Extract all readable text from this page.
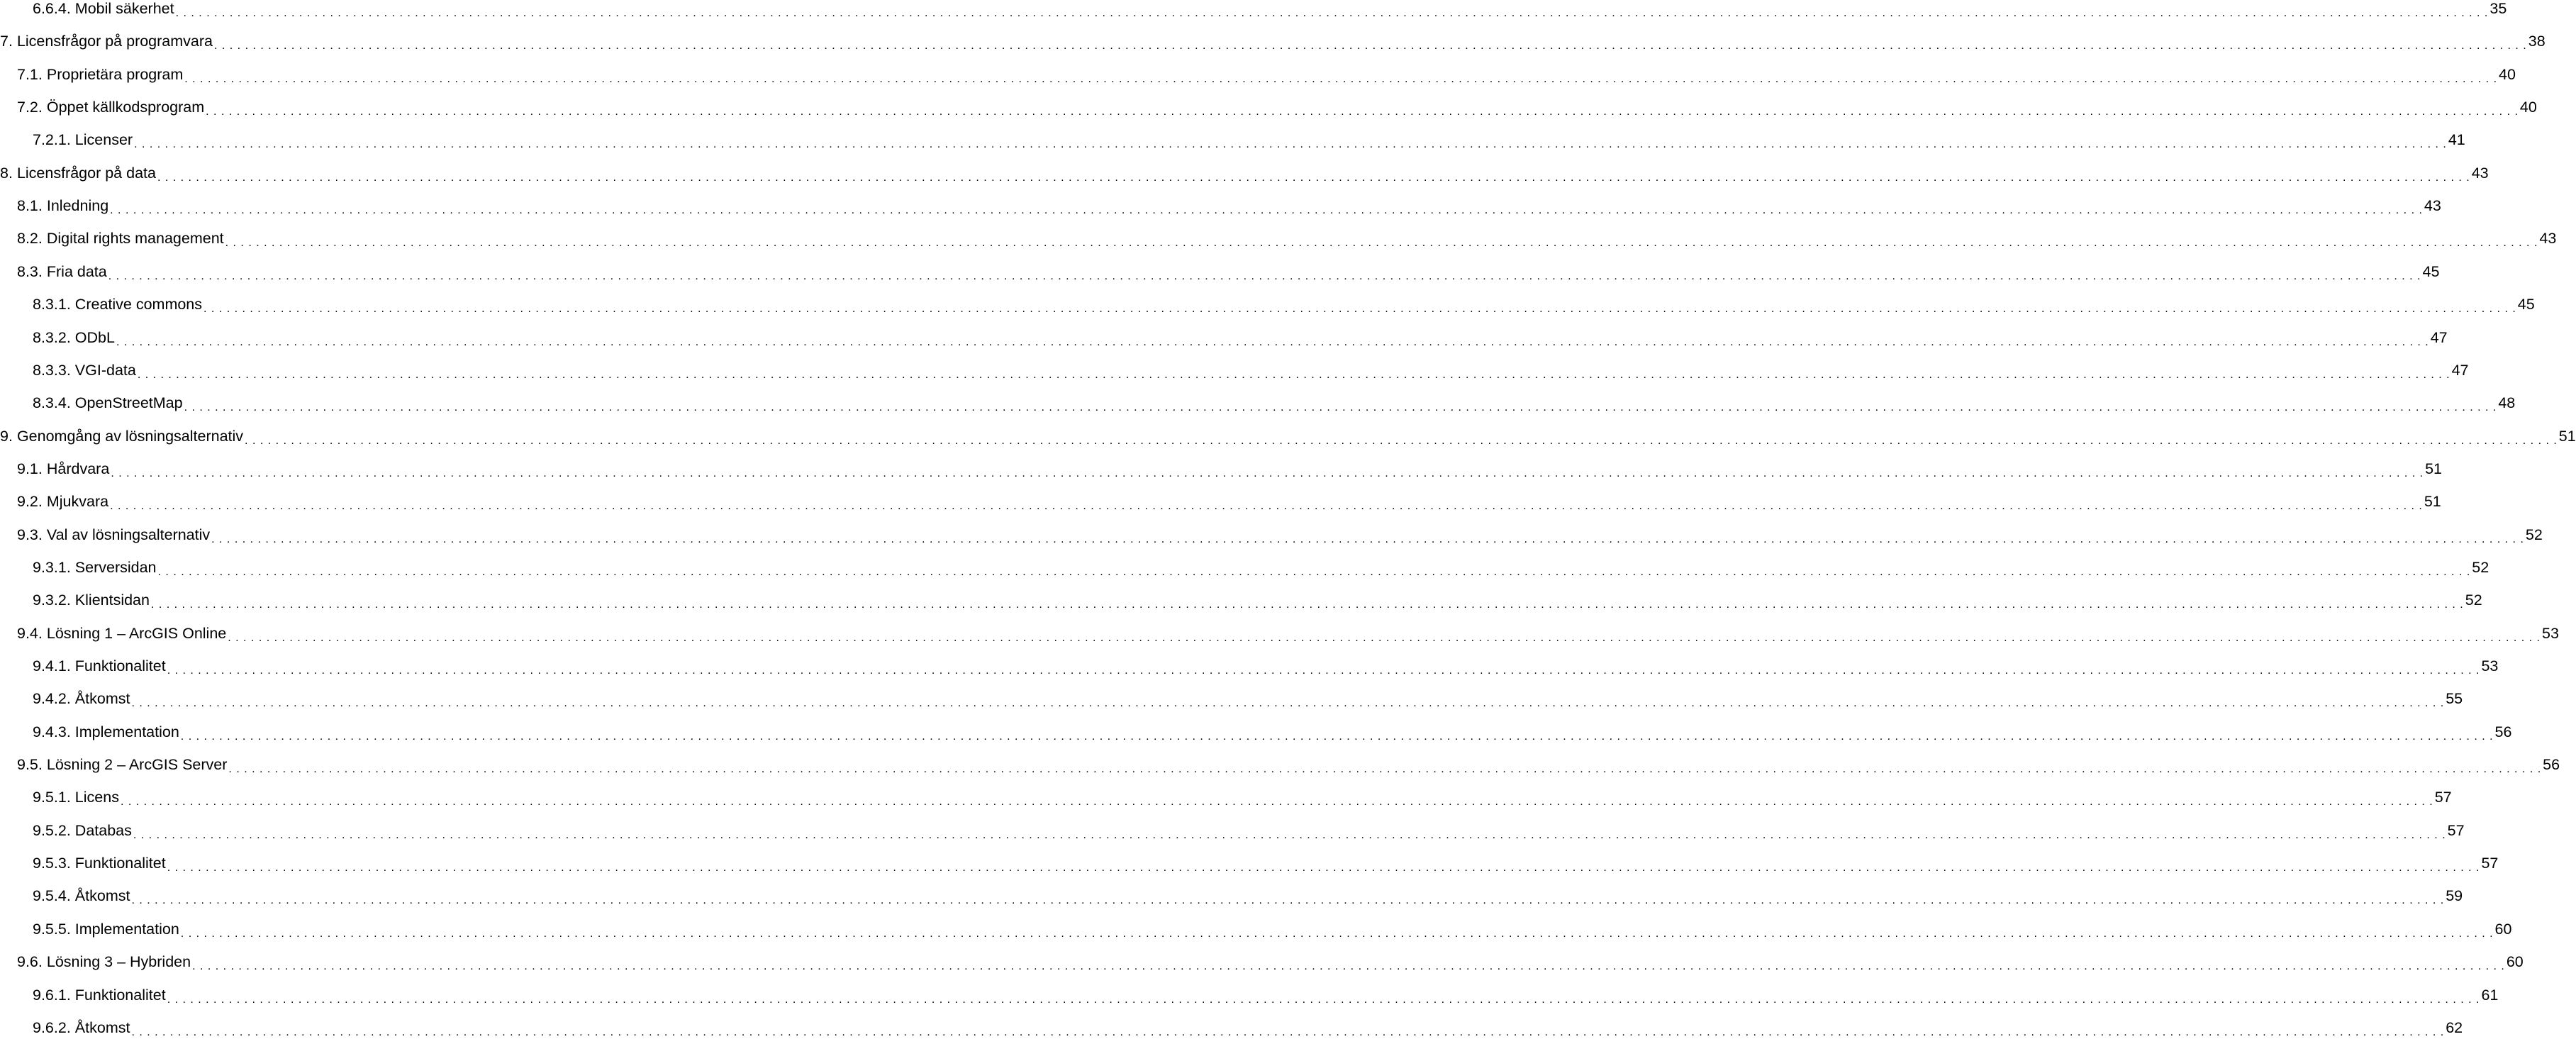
6.6.4. Mobil säkerhet . . . . . . . . . . . . . . . . . . . . . . . . . . . . . . . . . . . . . . . . . . . . . . . . . . . . . . . . . . . . . . . . . . . . . . . . . . . . . . . . . . . . . . . . . . . . . . . . . . . . . . . . . . . . . . . . . . . . . . . . . . . . . . . . . . . . . . . . . . . . . . . . . . . . . . . . . . . . . . . . . . . . . . . . . . . . . . . . . . . . . . . . . . . . . . . . . . . . . . . . . . . . . . . . . . . . . . . . . . . . . . . . . . . . . . . . . . . . . . . . . . . . . . . . . . . . . . . . . . . . . . . . . . . . . . . . . . . . . . . . . . . . . . . . . . . . . . . . . . . . 35
7. Licensfrågor på programvara . . . . . . . . . . . . . . . . . . . . . . . . . . . . . . . . . . . . . . . . . . . . . . . . . . . . . . . . . . . . . . . . . . . . . . . . . . . . . . . . . . . . . . . . . . . . . . . . . . . . . . . . . . . . . . . . . . . . . . . . . . . . . . . . . . . . . . . . . . . . . . . . . . . . . . . . . . . . . . . . . . . . . . . . . . . . . . . . . . . . . . . . . . . . . . . . . . . . . . . . . . . . . . . . . . . . . . . . . . . . . . . . . . . . . . . . . . . . . . . . . . . . . . . . . . . . . . . . . . . . . . . . . . . . . . . . . . . . . . . . . . . . . . . . . . . . . . . . . . . . 38
7.1. Proprietära program . . . . . . . . . . . . . . . . . . . . . . . . . . . . . . . . . . . . . . . . . . . . . . . . . . . . . . . . . . . . . . . . . . . . . . . . . . . . . . . . . . . . . . . . . . . . . . . . . . . . . . . . . . . . . . . . . . . . . . . . . . . . . . . . . . . . . . . . . . . . . . . . . . . . . . . . . . . . . . . . . . . . . . . . . . . . . . . . . . . . . . . . . . . . . . . . . . . . . . . . . . . . . . . . . . . . . . . . . . . . . . . . . . . . . . . . . . . . . . . . . . . . . . . . . . . . . . . . . . . . . . . . . . . . . . . . . . . . . . . . . . . . . . . . . . . . . . . . . . . . 40
7.2. Öppet källkodsprogram . . . . . . . . . . . . . . . . . . . . . . . . . . . . . . . . . . . . . . . . . . . . . . . . . . . . . . . . . . . . . . . . . . . . . . . . . . . . . . . . . . . . . . . . . . . . . . . . . . . . . . . . . . . . . . . . . . . . . . . . . . . . . . . . . . . . . . . . . . . . . . . . . . . . . . . . . . . . . . . . . . . . . . . . . . . . . . . . . . . . . . . . . . . . . . . . . . . . . . . . . . . . . . . . . . . . . . . . . . . . . . . . . . . . . . . . . . . . . . . . . . . . . . . . . . . . . . . . . . . . . . . . . . . . . . . . . . . . . . . . . . . . . . . . . . . . . . . . . . . . 40
7.2.1. Licenser . . . . . . . . . . . . . . . . . . . . . . . . . . . . . . . . . . . . . . . . . . . . . . . . . . . . . . . . . . . . . . . . . . . . . . . . . . . . . . . . . . . . . . . . . . . . . . . . . . . . . . . . . . . . . . . . . . . . . . . . . . . . . . . . . . . . . . . . . . . . . . . . . . . . . . . . . . . . . . . . . . . . . . . . . . . . . . . . . . . . . . . . . . . . . . . . . . . . . . . . . . . . . . . . . . . . . . . . . . . . . . . . . . . . . . . . . . . . . . . . . . . . . . . . . . . . . . . . . . . . . . . . . . . . . . . . . . . . . . . . . . . . . . . . . . . . . . . . . . . . 41
8. Licensfrågor på data . . . . . . . . . . . . . . . . . . . . . . . . . . . . . . . . . . . . . . . . . . . . . . . . . . . . . . . . . . . . . . . . . . . . . . . . . . . . . . . . . . . . . . . . . . . . . . . . . . . . . . . . . . . . . . . . . . . . . . . . . . . . . . . . . . . . . . . . . . . . . . . . . . . . . . . . . . . . . . . . . . . . . . . . . . . . . . . . . . . . . . . . . . . . . . . . . . . . . . . . . . . . . . . . . . . . . . . . . . . . . . . . . . . . . . . . . . . . . . . . . . . . . . . . . . . . . . . . . . . . . . . . . . . . . . . . . . . . . . . . . . . . . . . . . . . . . . . . . . . . 43
8.1. Inledning . . . . . . . . . . . . . . . . . . . . . . . . . . . . . . . . . . . . . . . . . . . . . . . . . . . . . . . . . . . . . . . . . . . . . . . . . . . . . . . . . . . . . . . . . . . . . . . . . . . . . . . . . . . . . . . . . . . . . . . . . . . . . . . . . . . . . . . . . . . . . . . . . . . . . . . . . . . . . . . . . . . . . . . . . . . . . . . . . . . . . . . . . . . . . . . . . . . . . . . . . . . . . . . . . . . . . . . . . . . . . . . . . . . . . . . . . . . . . . . . . . . . . . . . . . . . . . . . . . . . . . . . . . . . . . . . . . . . . . . . . . . . . . . . . . . . . . . . . . . . 43
8.2. Digital rights management . . . . . . . . . . . . . . . . . . . . . . . . . . . . . . . . . . . . . . . . . . . . . . . . . . . . . . . . . . . . . . . . . . . . . . . . . . . . . . . . . . . . . . . . . . . . . . . . . . . . . . . . . . . . . . . . . . . . . . . . . . . . . . . . . . . . . . . . . . . . . . . . . . . . . . . . . . . . . . . . . . . . . . . . . . . . . . . . . . . . . . . . . . . . . . . . . . . . . . . . . . . . . . . . . . . . . . . . . . . . . . . . . . . . . . . . . . . . . . . . . . . . . . . . . . . . . . . . . . . . . . . . . . . . . . . . . . . . . . . . . . . . . . . . . . . . . . . . . . . . 43
8.3. Fria data . . . . . . . . . . . . . . . . . . . . . . . . . . . . . . . . . . . . . . . . . . . . . . . . . . . . . . . . . . . . . . . . . . . . . . . . . . . . . . . . . . . . . . . . . . . . . . . . . . . . . . . . . . . . . . . . . . . . . . . . . . . . . . . . . . . . . . . . . . . . . . . . . . . . . . . . . . . . . . . . . . . . . . . . . . . . . . . . . . . . . . . . . . . . . . . . . . . . . . . . . . . . . . . . . . . . . . . . . . . . . . . . . . . . . . . . . . . . . . . . . . . . . . . . . . . . . . . . . . . . . . . . . . . . . . . . . . . . . . . . . . . . . . . . . . . . . . . . . . . . 45
8.3.1. Creative commons . . . . . . . . . . . . . . . . . . . . . . . . . . . . . . . . . . . . . . . . . . . . . . . . . . . . . . . . . . . . . . . . . . . . . . . . . . . . . . . . . . . . . . . . . . . . . . . . . . . . . . . . . . . . . . . . . . . . . . . . . . . . . . . . . . . . . . . . . . . . . . . . . . . . . . . . . . . . . . . . . . . . . . . . . . . . . . . . . . . . . . . . . . . . . . . . . . . . . . . . . . . . . . . . . . . . . . . . . . . . . . . . . . . . . . . . . . . . . . . . . . . . . . . . . . . . . . . . . . . . . . . . . . . . . . . . . . . . . . . . . . . . . . . . . . . . . . . . . . . . 45
8.3.2. ODbL . . . . . . . . . . . . . . . . . . . . . . . . . . . . . . . . . . . . . . . . . . . . . . . . . . . . . . . . . . . . . . . . . . . . . . . . . . . . . . . . . . . . . . . . . . . . . . . . . . . . . . . . . . . . . . . . . . . . . . . . . . . . . . . . . . . . . . . . . . . . . . . . . . . . . . . . . . . . . . . . . . . . . . . . . . . . . . . . . . . . . . . . . . . . . . . . . . . . . . . . . . . . . . . . . . . . . . . . . . . . . . . . . . . . . . . . . . . . . . . . . . . . . . . . . . . . . . . . . . . . . . . . . . . . . . . . . . . . . . . . . . . . . . . . . . . . . . . . . . . . 47
8.3.3. VGI-data . . . . . . . . . . . . . . . . . . . . . . . . . . . . . . . . . . . . . . . . . . . . . . . . . . . . . . . . . . . . . . . . . . . . . . . . . . . . . . . . . . . . . . . . . . . . . . . . . . . . . . . . . . . . . . . . . . . . . . . . . . . . . . . . . . . . . . . . . . . . . . . . . . . . . . . . . . . . . . . . . . . . . . . . . . . . . . . . . . . . . . . . . . . . . . . . . . . . . . . . . . . . . . . . . . . . . . . . . . . . . . . . . . . . . . . . . . . . . . . . . . . . . . . . . . . . . . . . . . . . . . . . . . . . . . . . . . . . . . . . . . . . . . . . . . . . . . . . . . . . 47
8.3.4. OpenStreetMap . . . . . . . . . . . . . . . . . . . . . . . . . . . . . . . . . . . . . . . . . . . . . . . . . . . . . . . . . . . . . . . . . . . . . . . . . . . . . . . . . . . . . . . . . . . . . . . . . . . . . . . . . . . . . . . . . . . . . . . . . . . . . . . . . . . . . . . . . . . . . . . . . . . . . . . . . . . . . . . . . . . . . . . . . . . . . . . . . . . . . . . . . . . . . . . . . . . . . . . . . . . . . . . . . . . . . . . . . . . . . . . . . . . . . . . . . . . . . . . . . . . . . . . . . . . . . . . . . . . . . . . . . . . . . . . . . . . . . . . . . . . . . . . . . . . . . . . . . . . . 48
9. Genomgång av lösningsalternativ . . . . . . . . . . . . . . . . . . . . . . . . . . . . . . . . . . . . . . . . . . . . . . . . . . . . . . . . . . . . . . . . . . . . . . . . . . . . . . . . . . . . . . . . . . . . . . . . . . . . . . . . . . . . . . . . . . . . . . . . . . . . . . . . . . . . . . . . . . . . . . . . . . . . . . . . . . . . . . . . . . . . . . . . . . . . . . . . . . . . . . . . . . . . . . . . . . . . . . . . . . . . . . . . . . . . . . . . . . . . . . . . . . . . . . . . . . . . . . . . . . . . . . . . . . . . . . . . . . . . . . . . . . . . . . . . . . . . . . . . . . . . . . . . . . . . . . . . . . . . 51
9.1. Hårdvara . . . . . . . . . . . . . . . . . . . . . . . . . . . . . . . . . . . . . . . . . . . . . . . . . . . . . . . . . . . . . . . . . . . . . . . . . . . . . . . . . . . . . . . . . . . . . . . . . . . . . . . . . . . . . . . . . . . . . . . . . . . . . . . . . . . . . . . . . . . . . . . . . . . . . . . . . . . . . . . . . . . . . . . . . . . . . . . . . . . . . . . . . . . . . . . . . . . . . . . . . . . . . . . . . . . . . . . . . . . . . . . . . . . . . . . . . . . . . . . . . . . . . . . . . . . . . . . . . . . . . . . . . . . . . . . . . . . . . . . . . . . . . . . . . . . . . . . . . . . . 51
9.2. Mjukvara . . . . . . . . . . . . . . . . . . . . . . . . . . . . . . . . . . . . . . . . . . . . . . . . . . . . . . . . . . . . . . . . . . . . . . . . . . . . . . . . . . . . . . . . . . . . . . . . . . . . . . . . . . . . . . . . . . . . . . . . . . . . . . . . . . . . . . . . . . . . . . . . . . . . . . . . . . . . . . . . . . . . . . . . . . . . . . . . . . . . . . . . . . . . . . . . . . . . . . . . . . . . . . . . . . . . . . . . . . . . . . . . . . . . . . . . . . . . . . . . . . . . . . . . . . . . . . . . . . . . . . . . . . . . . . . . . . . . . . . . . . . . . . . . . . . . . . . . . . . . 51
9.3. Val av lösningsalternativ . . . . . . . . . . . . . . . . . . . . . . . . . . . . . . . . . . . . . . . . . . . . . . . . . . . . . . . . . . . . . . . . . . . . . . . . . . . . . . . . . . . . . . . . . . . . . . . . . . . . . . . . . . . . . . . . . . . . . . . . . . . . . . . . . . . . . . . . . . . . . . . . . . . . . . . . . . . . . . . . . . . . . . . . . . . . . . . . . . . . . . . . . . . . . . . . . . . . . . . . . . . . . . . . . . . . . . . . . . . . . . . . . . . . . . . . . . . . . . . . . . . . . . . . . . . . . . . . . . . . . . . . . . . . . . . . . . . . . . . . . . . . . . . . . . . . . . . . . . . . 52
9.3.1. Serversidan . . . . . . . . . . . . . . . . . . . . . . . . . . . . . . . . . . . . . . . . . . . . . . . . . . . . . . . . . . . . . . . . . . . . . . . . . . . . . . . . . . . . . . . . . . . . . . . . . . . . . . . . . . . . . . . . . . . . . . . . . . . . . . . . . . . . . . . . . . . . . . . . . . . . . . . . . . . . . . . . . . . . . . . . . . . . . . . . . . . . . . . . . . . . . . . . . . . . . . . . . . . . . . . . . . . . . . . . . . . . . . . . . . . . . . . . . . . . . . . . . . . . . . . . . . . . . . . . . . . . . . . . . . . . . . . . . . . . . . . . . . . . . . . . . . . . . . . . . . . . 52
9.3.2. Klientsidan . . . . . . . . . . . . . . . . . . . . . . . . . . . . . . . . . . . . . . . . . . . . . . . . . . . . . . . . . . . . . . . . . . . . . . . . . . . . . . . . . . . . . . . . . . . . . . . . . . . . . . . . . . . . . . . . . . . . . . . . . . . . . . . . . . . . . . . . . . . . . . . . . . . . . . . . . . . . . . . . . . . . . . . . . . . . . . . . . . . . . . . . . . . . . . . . . . . . . . . . . . . . . . . . . . . . . . . . . . . . . . . . . . . . . . . . . . . . . . . . . . . . . . . . . . . . . . . . . . . . . . . . . . . . . . . . . . . . . . . . . . . . . . . . . . . . . . . . . . . . 52
9.4. Lösning 1 – ArcGIS Online . . . . . . . . . . . . . . . . . . . . . . . . . . . . . . . . . . . . . . . . . . . . . . . . . . . . . . . . . . . . . . . . . . . . . . . . . . . . . . . . . . . . . . . . . . . . . . . . . . . . . . . . . . . . . . . . . . . . . . . . . . . . . . . . . . . . . . . . . . . . . . . . . . . . . . . . . . . . . . . . . . . . . . . . . . . . . . . . . . . . . . . . . . . . . . . . . . . . . . . . . . . . . . . . . . . . . . . . . . . . . . . . . . . . . . . . . . . . . . . . . . . . . . . . . . . . . . . . . . . . . . . . . . . . . . . . . . . . . . . . . . . . . . . . . . . . . . . . . . . . 53
9.4.1. Funktionalitet . . . . . . . . . . . . . . . . . . . . . . . . . . . . . . . . . . . . . . . . . . . . . . . . . . . . . . . . . . . . . . . . . . . . . . . . . . . . . . . . . . . . . . . . . . . . . . . . . . . . . . . . . . . . . . . . . . . . . . . . . . . . . . . . . . . . . . . . . . . . . . . . . . . . . . . . . . . . . . . . . . . . . . . . . . . . . . . . . . . . . . . . . . . . . . . . . . . . . . . . . . . . . . . . . . . . . . . . . . . . . . . . . . . . . . . . . . . . . . . . . . . . . . . . . . . . . . . . . . . . . . . . . . . . . . . . . . . . . . . . . . . . . . . . . . . . . . . . . . . . 53
9.4.2. Åtkomst . . . . . . . . . . . . . . . . . . . . . . . . . . . . . . . . . . . . . . . . . . . . . . . . . . . . . . . . . . . . . . . . . . . . . . . . . . . . . . . . . . . . . . . . . . . . . . . . . . . . . . . . . . . . . . . . . . . . . . . . . . . . . . . . . . . . . . . . . . . . . . . . . . . . . . . . . . . . . . . . . . . . . . . . . . . . . . . . . . . . . . . . . . . . . . . . . . . . . . . . . . . . . . . . . . . . . . . . . . . . . . . . . . . . . . . . . . . . . . . . . . . . . . . . . . . . . . . . . . . . . . . . . . . . . . . . . . . . . . . . . . . . . . . . . . . . . . . . . . . . 55
9.4.3. Implementation . . . . . . . . . . . . . . . . . . . . . . . . . . . . . . . . . . . . . . . . . . . . . . . . . . . . . . . . . . . . . . . . . . . . . . . . . . . . . . . . . . . . . . . . . . . . . . . . . . . . . . . . . . . . . . . . . . . . . . . . . . . . . . . . . . . . . . . . . . . . . . . . . . . . . . . . . . . . . . . . . . . . . . . . . . . . . . . . . . . . . . . . . . . . . . . . . . . . . . . . . . . . . . . . . . . . . . . . . . . . . . . . . . . . . . . . . . . . . . . . . . . . . . . . . . . . . . . . . . . . . . . . . . . . . . . . . . . . . . . . . . . . . . . . . . . . . . . . . . . . 56
9.5. Lösning 2 – ArcGIS Server . . . . . . . . . . . . . . . . . . . . . . . . . . . . . . . . . . . . . . . . . . . . . . . . . . . . . . . . . . . . . . . . . . . . . . . . . . . . . . . . . . . . . . . . . . . . . . . . . . . . . . . . . . . . . . . . . . . . . . . . . . . . . . . . . . . . . . . . . . . . . . . . . . . . . . . . . . . . . . . . . . . . . . . . . . . . . . . . . . . . . . . . . . . . . . . . . . . . . . . . . . . . . . . . . . . . . . . . . . . . . . . . . . . . . . . . . . . . . . . . . . . . . . . . . . . . . . . . . . . . . . . . . . . . . . . . . . . . . . . . . . . . . . . . . . . . . . . . . . . . 56
9.5.1. Licens . . . . . . . . . . . . . . . . . . . . . . . . . . . . . . . . . . . . . . . . . . . . . . . . . . . . . . . . . . . . . . . . . . . . . . . . . . . . . . . . . . . . . . . . . . . . . . . . . . . . . . . . . . . . . . . . . . . . . . . . . . . . . . . . . . . . . . . . . . . . . . . . . . . . . . . . . . . . . . . . . . . . . . . . . . . . . . . . . . . . . . . . . . . . . . . . . . . . . . . . . . . . . . . . . . . . . . . . . . . . . . . . . . . . . . . . . . . . . . . . . . . . . . . . . . . . . . . . . . . . . . . . . . . . . . . . . . . . . . . . . . . . . . . . . . . . . . . . . . . . 57
9.5.2. Databas . . . . . . . . . . . . . . . . . . . . . . . . . . . . . . . . . . . . . . . . . . . . . . . . . . . . . . . . . . . . . . . . . . . . . . . . . . . . . . . . . . . . . . . . . . . . . . . . . . . . . . . . . . . . . . . . . . . . . . . . . . . . . . . . . . . . . . . . . . . . . . . . . . . . . . . . . . . . . . . . . . . . . . . . . . . . . . . . . . . . . . . . . . . . . . . . . . . . . . . . . . . . . . . . . . . . . . . . . . . . . . . . . . . . . . . . . . . . . . . . . . . . . . . . . . . . . . . . . . . . . . . . . . . . . . . . . . . . . . . . . . . . . . . . . . . . . . . . . . . . 57
9.5.3. Funktionalitet . . . . . . . . . . . . . . . . . . . . . . . . . . . . . . . . . . . . . . . . . . . . . . . . . . . . . . . . . . . . . . . . . . . . . . . . . . . . . . . . . . . . . . . . . . . . . . . . . . . . . . . . . . . . . . . . . . . . . . . . . . . . . . . . . . . . . . . . . . . . . . . . . . . . . . . . . . . . . . . . . . . . . . . . . . . . . . . . . . . . . . . . . . . . . . . . . . . . . . . . . . . . . . . . . . . . . . . . . . . . . . . . . . . . . . . . . . . . . . . . . . . . . . . . . . . . . . . . . . . . . . . . . . . . . . . . . . . . . . . . . . . . . . . . . . . . . . . . . . . . 57
9.5.4. Åtkomst . . . . . . . . . . . . . . . . . . . . . . . . . . . . . . . . . . . . . . . . . . . . . . . . . . . . . . . . . . . . . . . . . . . . . . . . . . . . . . . . . . . . . . . . . . . . . . . . . . . . . . . . . . . . . . . . . . . . . . . . . . . . . . . . . . . . . . . . . . . . . . . . . . . . . . . . . . . . . . . . . . . . . . . . . . . . . . . . . . . . . . . . . . . . . . . . . . . . . . . . . . . . . . . . . . . . . . . . . . . . . . . . . . . . . . . . . . . . . . . . . . . . . . . . . . . . . . . . . . . . . . . . . . . . . . . . . . . . . . . . . . . . . . . . . . . . . . . . . . . . 59
9.5.5. Implementation . . . . . . . . . . . . . . . . . . . . . . . . . . . . . . . . . . . . . . . . . . . . . . . . . . . . . . . . . . . . . . . . . . . . . . . . . . . . . . . . . . . . . . . . . . . . . . . . . . . . . . . . . . . . . . . . . . . . . . . . . . . . . . . . . . . . . . . . . . . . . . . . . . . . . . . . . . . . . . . . . . . . . . . . . . . . . . . . . . . . . . . . . . . . . . . . . . . . . . . . . . . . . . . . . . . . . . . . . . . . . . . . . . . . . . . . . . . . . . . . . . . . . . . . . . . . . . . . . . . . . . . . . . . . . . . . . . . . . . . . . . . . . . . . . . . . . . . . . . . . 60
9.6. Lösning 3 – Hybriden . . . . . . . . . . . . . . . . . . . . . . . . . . . . . . . . . . . . . . . . . . . . . . . . . . . . . . . . . . . . . . . . . . . . . . . . . . . . . . . . . . . . . . . . . . . . . . . . . . . . . . . . . . . . . . . . . . . . . . . . . . . . . . . . . . . . . . . . . . . . . . . . . . . . . . . . . . . . . . . . . . . . . . . . . . . . . . . . . . . . . . . . . . . . . . . . . . . . . . . . . . . . . . . . . . . . . . . . . . . . . . . . . . . . . . . . . . . . . . . . . . . . . . . . . . . . . . . . . . . . . . . . . . . . . . . . . . . . . . . . . . . . . . . . . . . . . . . . . . . . 60
9.6.1. Funktionalitet . . . . . . . . . . . . . . . . . . . . . . . . . . . . . . . . . . . . . . . . . . . . . . . . . . . . . . . . . . . . . . . . . . . . . . . . . . . . . . . . . . . . . . . . . . . . . . . . . . . . . . . . . . . . . . . . . . . . . . . . . . . . . . . . . . . . . . . . . . . . . . . . . . . . . . . . . . . . . . . . . . . . . . . . . . . . . . . . . . . . . . . . . . . . . . . . . . . . . . . . . . . . . . . . . . . . . . . . . . . . . . . . . . . . . . . . . . . . . . . . . . . . . . . . . . . . . . . . . . . . . . . . . . . . . . . . . . . . . . . . . . . . . . . . . . . . . . . . . . . . 61
9.6.2. Åtkomst . . . . . . . . . . . . . . . . . . . . . . . . . . . . . . . . . . . . . . . . . . . . . . . . . . . . . . . . . . . . . . . . . . . . . . . . . . . . . . . . . . . . . . . . . . . . . . . . . . . . . . . . . . . . . . . . . . . . . . . . . . . . . . . . . . . . . . . . . . . . . . . . . . . . . . . . . . . . . . . . . . . . . . . . . . . . . . . . . . . . . . . . . . . . . . . . . . . . . . . . . . . . . . . . . . . . . . . . . . . . . . . . . . . . . . . . . . . . . . . . . . . . . . . . . . . . . . . . . . . . . . . . . . . . . . . . . . . . . . . . . . . . . . . . . . . . . . . . . . . . 62
